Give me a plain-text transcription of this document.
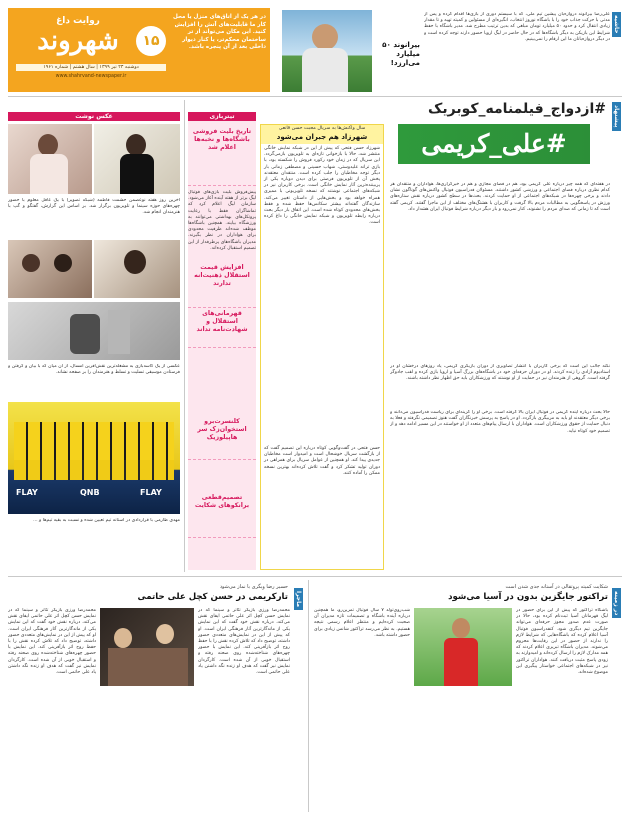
شهروند
روایت داغ
۱۵
در هر یک از اتاق‌های منزل یا محل کار ما قابلیت‌های آتش را افزایش کنید. این مکان می‌تواند از تر ساختمان محکم‌تر، یا کنار دیوار داخلی بعد از آن پنجره باشد.
دوشنبه ۲۳ تیر ۱۳۹۹ | سال هشتم | شماره ۱۹۶۱
www.shahrvand-newspaper.ir
بیرانوند ۵۰ میلیارد می‌ارزد!
علی‌رضا بیرانوند دروازه‌بان پیشین تیم ملی، که با سیستم دوری از بازی‌ها اقدام کرده و پس از مدتی با حرکت جذاب خود را با باشگاه نوروز انتخاب، انگیزه‌ای از مسئولین و کمیته تهیه و تا مقدار زیادی انتقال کرد و حدود ۵۰ میلیارد تومان مبلغی که بدین ترتیب مطرح شد. مدیر باشگاه با حفظ شرایط این بازیکن به دیگر باشگاه‌ها که در حال حاضر در لیگ اروپا حضور دارند توجه کرده است و در دیگر دروازه‌بانان ما این ارقام را نمی‌بینیم.
حاشیه
عکس نوشت
آخرین روز هفته نوعصمن حشمت فاطمه (شبکه تصویر) با یک غافل معلوم با حضور چهره‌های حوزه سینما و تلویزیون برگزار شد. بر اساس این گزارش، گفتگو و گپ با هنرمندان انجام شد.
عکسی از یک کاسه‌بازی به مشغله‌ترین نقش‌آفرین امسال، از آن میان که با بیان و گرفتن و فرستادن موسیقی تسلیت و تسلط و هنرمندان را بر صفحه نشاند.
FLAY	QNB	FLAY
مهدی طارمی با قراردادی در آستانه تیم تعیین شده و نسبت به بقیه تیم‌ها و ...
تیتربازی
تاریخ بلیت فروشی باشگاه‌ها و نخبه‌ها اعلام شد
افزایش قیمت استقلال ذهنیت‌انه تدارند
قهرمانی‌های استقلال و شهادت‌نامه تداند
کلنسرت‌برو استخوان‌زک سر هاپیلوزیک
تصمیم‌قطعی برانکوهای شکایت
پیش‌فروش بلیت بازی‌های فوتبال لیگ برتر از هفته آینده آغاز می‌شود. سازمان لیگ اعلام کرد که تماشاگران فقط با رعایت پروتکل‌های بهداشتی می‌توانند به ورزشگاه بیایند. همچنین باشگاه‌ها موظف شده‌اند ظرفیت محدودی برای هواداران در نظر بگیرند. مدیران باشگاه‌های پرطرفدار از این تصمیم استقبال کرده‌اند.
سال واکنش‌ها به سریال محبت حسن قانعی
شهرزاد هم جبران می‌شود
شهرزاد حسن فتحی که پیش از این در شبکه نمایش خانگی منتشر شد، حالا با بازخوانی تازه‌ای به تلویزیون بازمی‌گردد. این سریال که در زمان خود رکورد فروش را شکسته بود، با بازی ترانه علیدوستی، شهاب حسینی و مصطفی زمانی بار دیگر توجه مخاطبان را جلب کرده است. منتقدان معتقدند پخش آن از تلویزیون فرصتی برای دیدن دوباره یکی از پربیننده‌ترین آثار نمایش خانگی است. برخی کاربران نیز در شبکه‌های اجتماعی نوشتند که نسخه تلویزیونی با ممیزی همراه خواهد بود و بخش‌هایی از داستان تغییر می‌کند. سازندگان گفته‌اند بیشتر سکانس‌ها حفظ شده و فقط بخش‌های محدودی کوتاه شده است. این اتفاق بار دیگر بحث درباره رابطه تلویزیون و شبکه نمایش خانگی را داغ کرده است.
حسن فتحی در گفت‌وگویی کوتاه درباره این تصمیم گفت که از بازگشت سریال خوشحال است و امیدوار است مخاطبان جدیدی پیدا کند. او همچنین از عوامل سریال برای همراهی در دوران تولید تشکر کرد و گفت تلاش کرده‌اند بهترین نسخه ممکن را آماده کنند.
#ازدواج_فیلمنامه_کوبریک
#علی_کریمی
پیشنهاد
در هفته‌ای که همه چیز درباره علی کریمی بود، هم در فضای مجازی و هم در خبرگزاری‌ها، هواداران و منتقدان هر کدام نظری درباره فضای اجتماعی و ورزشی کشور داشتند. مسئولان فدراسیون فوتبال واکنش‌های گوناگون نشان دادند و برخی چهره‌ها در شبکه‌های اجتماعی از او حمایت کردند. بحث‌ها در سطح کشور درباره نقش ستاره‌های ورزش در پاسخگویی به مطالبات مردم بالا گرفت و کاربران با هشتگ‌های مختلف از این ماجرا گفتند. کریمی گفته است که تا زمانی که صدای مردم را نشنوند، کنار نمی‌رود و بار دیگر درباره شرایط فوتبال ایران هشدار داد.
نکته جالب این است که برخی کاربران با انتشار تصاویری از دوران بازیگری کریمی، یاد روزهای درخشان او در استادیوم آزادی را زنده کردند. او در دوران حرفه‌ای خود در باشگاه‌های بزرگ آسیا و اروپا بازی کرده و لقب جادوگر گرفته است. گروهی از هنرمندان نیز در حمایت از او نوشتند که ورزشکاران باید حق اظهار نظر داشته باشند.
حالا بحث درباره آینده کریمی در فوتبال ایران بالا گرفته است. برخی او را گزینه‌ای برای ریاست فدراسیون می‌دانند و برخی دیگر معتقدند او باید به مربیگری بازگردد. او در پاسخ به پرسش خبرنگاران گفت هنوز تصمیمی نگرفته و فعلا به دنبال حمایت از حقوق ورزشکاران است. هواداران با ارسال پیام‌های متعدد از او خواستند در این مسیر ادامه دهد و از تصمیم خود کوتاه نیاید.
ماجرا
حسیر رضا ویگری با نماز می‌شود
تار‌کریمی در حسن کچل علی حاتمی
محمدرضا ورزی بازیگر تئاتر و سینما که در نمایش حسن کچل اثر علی حاتمی ایفای نقش می‌کند، درباره نقش خود گفت که این نمایش یکی از ماندگارترین آثار فرهنگی ایران است. او که پیش از این در نمایش‌های متعددی حضور داشته، توضیح داد که تلاش کرده نقش را با حفظ روح اثر بازآفرینی کند. این نمایش با حضور چهره‌های شناخته‌شده روی صحنه رفته و استقبال خوبی از آن شده است. کارگردان نمایش نیز گفت که هدف او زنده نگه داشتن یاد علی حاتمی است.
محمدرضا ورزی بازیگر تئاتر و سینما که در نمایش حسن کچل اثر علی حاتمی ایفای نقش می‌کند، درباره نقش خود گفت که این نمایش یکی از ماندگارترین آثار فرهنگی ایران است. او که پیش از این در نمایش‌های متعددی حضور داشته، توضیح داد که تلاش کرده نقش را با حفظ روح اثر بازآفرینی کند. این نمایش با حضور چهره‌های شناخته‌شده روی صحنه رفته و استقبال خوبی از آن شده است. کارگردان نمایش نیز گفت که هدف او زنده نگه داشتن یاد علی حاتمی است.
در زمینه
شکایت کمیته پروتقالی در آستانه جدی شدن است
تراکتور جایگزین بدون در آسیا می‌شود
باشگاه تراکتور که پیش از این برای حضور در لیگ قهرمانان آسیا ثبت‌نام کرده بود، حالا در صورت عدم صدور مجوز حرفه‌ای می‌تواند جایگزین تیم دیگری شود. کنفدراسیون فوتبال آسیا اعلام کرده که باشگاه‌هایی که شرایط لازم را ندارند از حضور در این رقابت‌ها محروم می‌شوند. مدیران باشگاه تبریزی اعلام کردند که همه مدارک لازم را ارسال کرده‌اند و امیدوارند به زودی پاسخ مثبت دریافت کنند. هواداران تراکتور نیز در شبکه‌های اجتماعی خواستار پیگیری این موضوع شده‌اند.
شب‌روی‌تولد ۷ سال فوتبال تمرین‌رو، ما همچنین درباره آینده باشگاه و تصمیمات تازه مدیران آن صحبت کرده‌ایم و منتظر اعلام رسمی نتیجه هستیم. به نظر می‌رسد تراکتور شانس زیادی برای حضور داشته باشد.
